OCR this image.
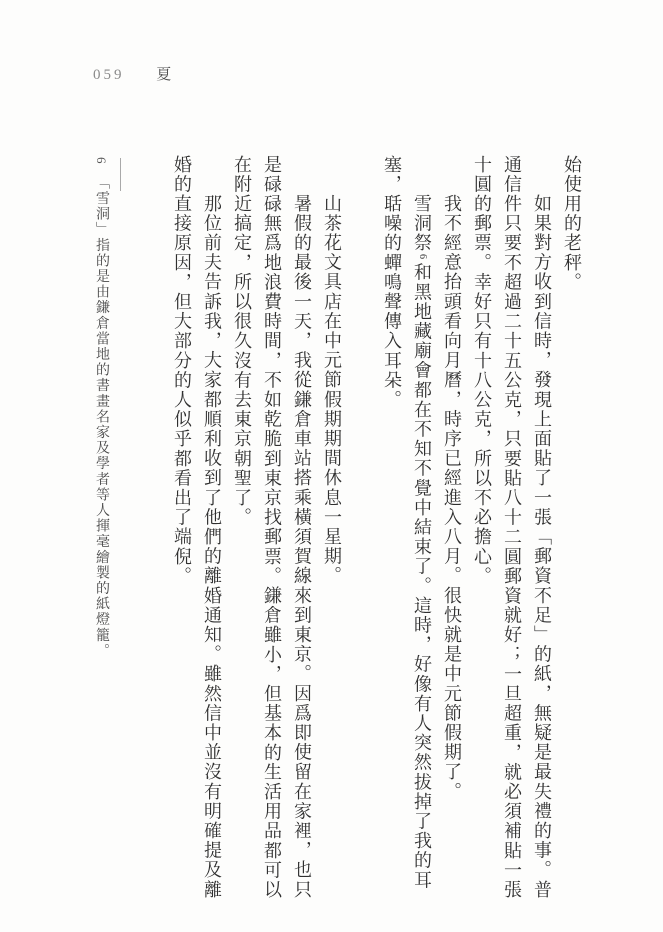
059 夏
始使用的老秤。
如果對方收到信時，發現上面貼了一張「郵資不足」的紙，無疑是最失禮的事。普
通信件只要不超過二十五公克，只要貼八十二圓郵資就好；一旦超重，就必須補貼一張
十圓的郵票。幸好只有十八公克，所以不必擔心。
我不經意抬頭看向月曆，時序已經進入八月。很快就是中元節假期了。
雪洞祭6和黑地藏廟會都在不知不覺中結束了。這時，好像有人突然拔掉了我的耳
塞，聒噪的蟬鳴聲傳入耳朵。
山茶花文具店在中元節假期期間休息一星期。
暑假的最後一天，我從鎌倉車站搭乘橫須賀線來到東京。因爲即使留在家裡，也只
是碌碌無爲地浪費時間，不如乾脆到東京找郵票。鎌倉雖小，但基本的生活用品都可以
在附近搞定，所以很久沒有去東京朝聖了。
那位前夫告訴我，大家都順利收到了他們的離婚通知。雖然信中並沒有明確提及離
婚的直接原因，但大部分的人似乎都看出了端倪。
6「雪洞」指的是由鎌倉當地的書畫名家及學者等人揮毫繪製的紙燈籠。
